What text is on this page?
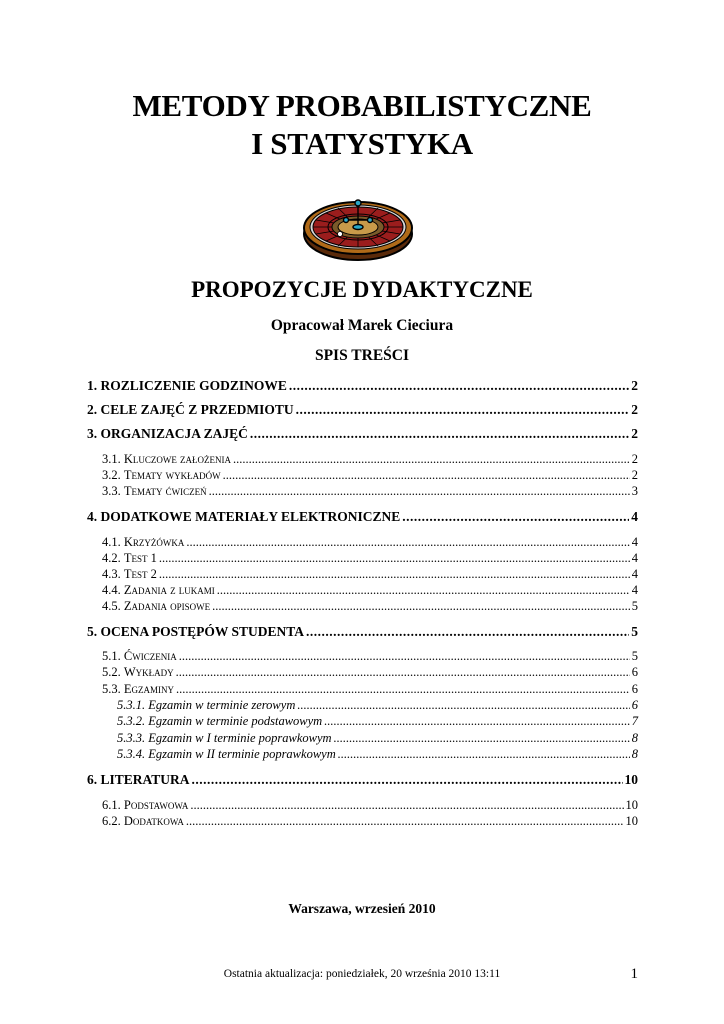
METODY PROBABILISTYCZNE
I STATYSTYKA
PROPOZYCJE DYDAKTYCZNE
Opracował Marek Cieciura
SPIS TREŚCI
1. ROZLICZENIE GODZINOWE .....	2
2. CELE ZAJĘĆ Z PRZEDMIOTU .....	2
3. ORGANIZACJA ZAJĘĆ .....	2
3.1. Kluczowe założenia .....	2
3.2. Tematy wykładów .....	2
3.3. Tematy ćwiczeń .....	3
4. DODATKOWE MATERIAŁY ELEKTRONICZNE .....	4
4.1. Krzyżówka .....	4
4.2. Test 1 .....	4
4.3. Test 2 .....	4
4.4. Zadania z lukami .....	4
4.5. Zadania opisowe .....	5
5. OCENA POSTĘPÓW STUDENTA .....	5
5.1. Ćwiczenia .....	5
5.2. Wykłady .....	6
5.3. Egzaminy .....	6
5.3.1. Egzamin w terminie zerowym .....	6
5.3.2. Egzamin w terminie podstawowym .....	7
5.3.3. Egzamin w I terminie poprawkowym .....	8
5.3.4. Egzamin w II terminie poprawkowym .....	8
6. LITERATURA .....	10
6.1. Podstawowa .....	10
6.2. Dodatkowa .....	10
Warszawa, wrzesień 2010
Ostatnia aktualizacja: poniedziałek, 20 września 2010 13:11	1
